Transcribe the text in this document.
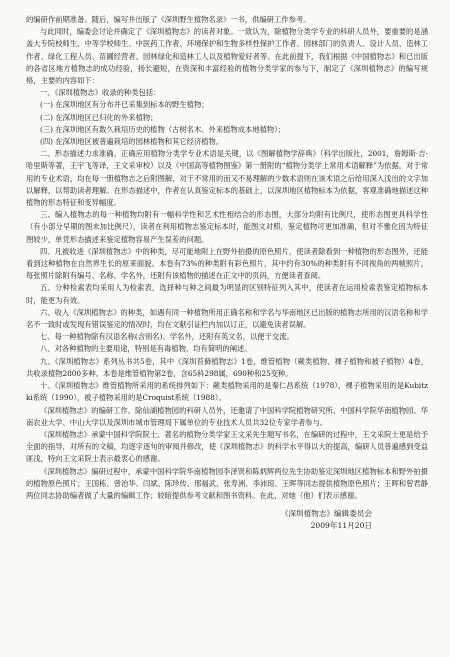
的编研作前期准备。随后，编写并出版了《深圳野生植物名录》一书，供编研工作参考。

与此同时，编委会讨论并确定了《深圳植物志》的读者对象。一致认为，除植物分类学专业的科研人员外，要重要的是涵盖大专院校师生、中等学校师生、中医药工作者、环境保护和生物多样性保护工作者、园林部门的负责人、设计人员、造林工作者、绿化工程人员、苗圃经营者、园林绿化和造林工人以及植物爱好者等。在此前提下，我们根据《中国植物志》和已出版的各省区地方植物志的成功经验，扬长避短，在资深和丰富经验的植物分类学家的参与下，制定了《深圳植物志》的编写规格，主要的内容如下：

一、《深圳植物志》收录的种类包括：

(一) 在深圳地区有分布并已采集到标本的野生植物；

(二) 在深圳地区已归化的外来植物；

(三) 在深圳地区有数久栽培历史的植物（古树名木、外来植物成本地植物）；

(四) 在深圳地区被普遍栽培的园林植物和其它经济植物。

二、形态描述力求准确、正确应用植物分类学专业术语是关键，以《图解植物学辞典》（科学出版社，2001，詹姆斯·吉·哈里斯等著，王宇飞等译，王文采审校）以及《中国高等植物图鉴》第一册附的“植物分类学上常用术语解释”为依据，对于常用的专业术语，均在每一册植物志之后附图解，对于不常用的而又不易理解的少数术语则在该术语之后给用深入浅出的文字加以解释，以帮助读者理解。在形态描述中，作者在认真鉴定标本的基础上，以深圳地区植物标本为依据，客观准确地描述这种植物的形态特征和变异幅度。

三、编入植物志的每一种植物均附有一幅科学性和艺术性相结合的形态图，大部分均附有比例尺，使形态图更具科学性（有小部分早期的图未加比例尺），读者在利用植物志鉴定标本时，能图文对照，鉴定植物可更加准确，但对不雅化因为特征图较少，单凭形态描述来鉴定植物容易产生误差的问题。

四、凡被收进《深圳植物志》中的种类，尽可能地附上在野外拍摄的原色照片，使读者除看到一种植物的形态图外，还能看到这种植物在自然界生长的原来面貌。本卷有73%的种类附有彩色照片，其中约有30%的种类附有不同视角的两帧照片，每张照片除附有编号、名称、学名外，还附有该植物的描述在正文中的页码，方便读者查阅。

五、分种检索表均采用人为检索表，选择种与种之间最为明显的区别特征列入其中，使读者在运用检索表鉴定植物标本时，能更为有效。

六、收入《深圳植物志》的种类，如遇有同一种植物所用正确名称和学名与华南地区已出版的植物志所用的汉语名称和学名不一致时或发现有错误鉴定的情况时，均在文献引证栏内加以订正，以避免读者误解。

七、每一种植物除有汉语名称(含别名)、学名外，还附有英文名，以便于交流。

八、对各种植物的主要用途，特别是有毒植物，均有简明的阐述。

九、《深圳植物志》系列丛书共5卷，其中《深圳苔藓植物志》1卷，维管植物（蕨类植物、裸子植物和被子植物）4卷，共收录植物2800多种。本卷是维管植物第2卷，含65科298属，690种和25变种。

十、《深圳植物志》维管植物所采用的系统排列如下：蕨类植物采用的是秦仁昌系统（1978），裸子植物采用的是Kubitzki系统（1990），被子植物采用的是Croquist系统（1988）。

《深圳植物志》的编研工作，除仙湖植物园的科研人员外，还邀请了中国科学院植物研究所、中国科学院华南植物园、华南农业大学、中山大学以及深圳市城市管理局下属单位的专业技术人员共32位专家学者参与。

《深圳植物志》承蒙中国科学院院士、著名的植物分类学家王文采先生题写书名，在编研的过程中，王文采院士更是给予全面的指导，对所有的文稿，均逐字逐句的审阅并修改，使《深圳植物志》的科学水平得以大的提高，编研人员普遍感到受益匪浅，特向王文采院士表示最衷心的感谢。

《深圳植物志》编研过程中，承蒙中国科学院华南植物园李泽贤和陈炳辉两位先生协助鉴定深圳地区植物标本和野外拍摄的植物原色照片；王国栋、曾治华、闫斌、陈珍传、邢福武、张寿洲、李沛琼、王晖等同志提供植物原色照片；王晖和曾君静两位同志协助编者做了大量的编辑工作；较暗提供参考文献和图书资料。在此，对她（他）们表示感谢。

《深圳植物志》编辑委员会

2009年11月20日
